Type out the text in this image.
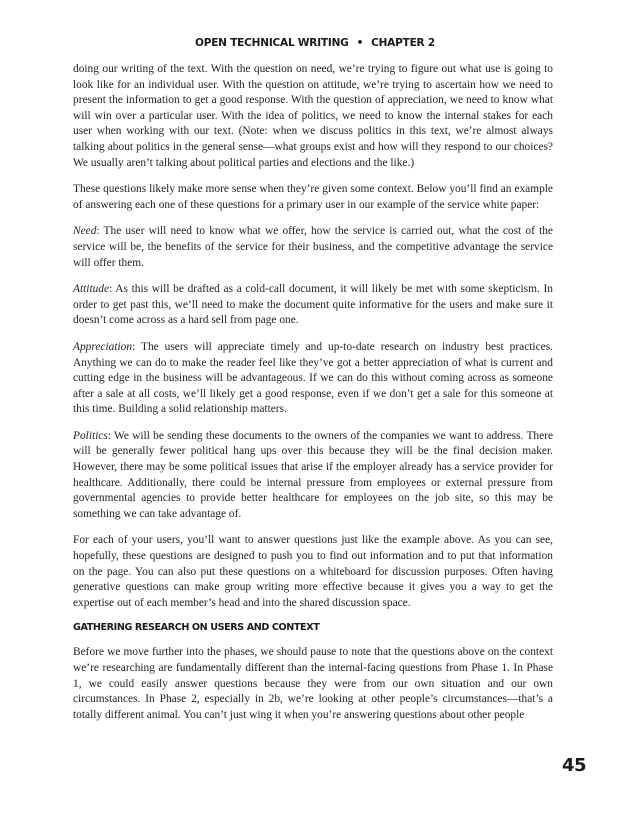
OPEN TECHNICAL WRITING • CHAPTER 2

doing our writing of the text. With the question on need, we’re trying to figure out what use is going to look like for an individual user. With the question on attitude, we’re trying to ascertain how we need to present the information to get a good response. With the question of appreciation, we need to know what will win over a particular user. With the idea of politics, we need to know the internal stakes for each user when working with our text. (Note: when we discuss politics in this text, we’re almost always talking about politics in the general sense—what groups exist and how will they respond to our choices? We usually aren’t talking about political parties and elections and the like.)

These questions likely make more sense when they’re given some context. Below you’ll find an example of answering each one of these questions for a primary user in our example of the service white paper:

Need: The user will need to know what we offer, how the service is carried out, what the cost of the service will be, the benefits of the service for their business, and the competitive advantage the service will offer them.

Attitude: As this will be drafted as a cold-call document, it will likely be met with some skepticism. In order to get past this, we’ll need to make the document quite informative for the users and make sure it doesn’t come across as a hard sell from page one.

Appreciation: The users will appreciate timely and up-to-date research on industry best practices. Anything we can do to make the reader feel like they’ve got a better appreciation of what is current and cutting edge in the business will be advantageous. If we can do this without coming across as someone after a sale at all costs, we’ll likely get a good response, even if we don’t get a sale for this someone at this time. Building a solid relationship matters.

Politics: We will be sending these documents to the owners of the companies we want to address. There will be generally fewer political hang ups over this because they will be the final decision maker. However, there may be some political issues that arise if the employer already has a service provider for healthcare. Additionally, there could be internal pressure from employees or external pressure from governmental agencies to provide better healthcare for employees on the job site, so this may be something we can take advantage of.

For each of your users, you’ll want to answer questions just like the example above. As you can see, hopefully, these questions are designed to push you to find out information and to put that information on the page. You can also put these questions on a whiteboard for discussion purposes. Often having generative questions can make group writing more effective because it gives you a way to get the expertise out of each member’s head and into the shared discussion space.

GATHERING RESEARCH ON USERS AND CONTEXT

Before we move further into the phases, we should pause to note that the questions above on the context we’re researching are fundamentally different than the internal-facing questions from Phase 1. In Phase 1, we could easily answer questions because they were from our own situation and our own circumstances. In Phase 2, especially in 2b, we’re looking at other people’s circumstances—that’s a totally different animal. You can’t just wing it when you’re answering questions about other people

45
